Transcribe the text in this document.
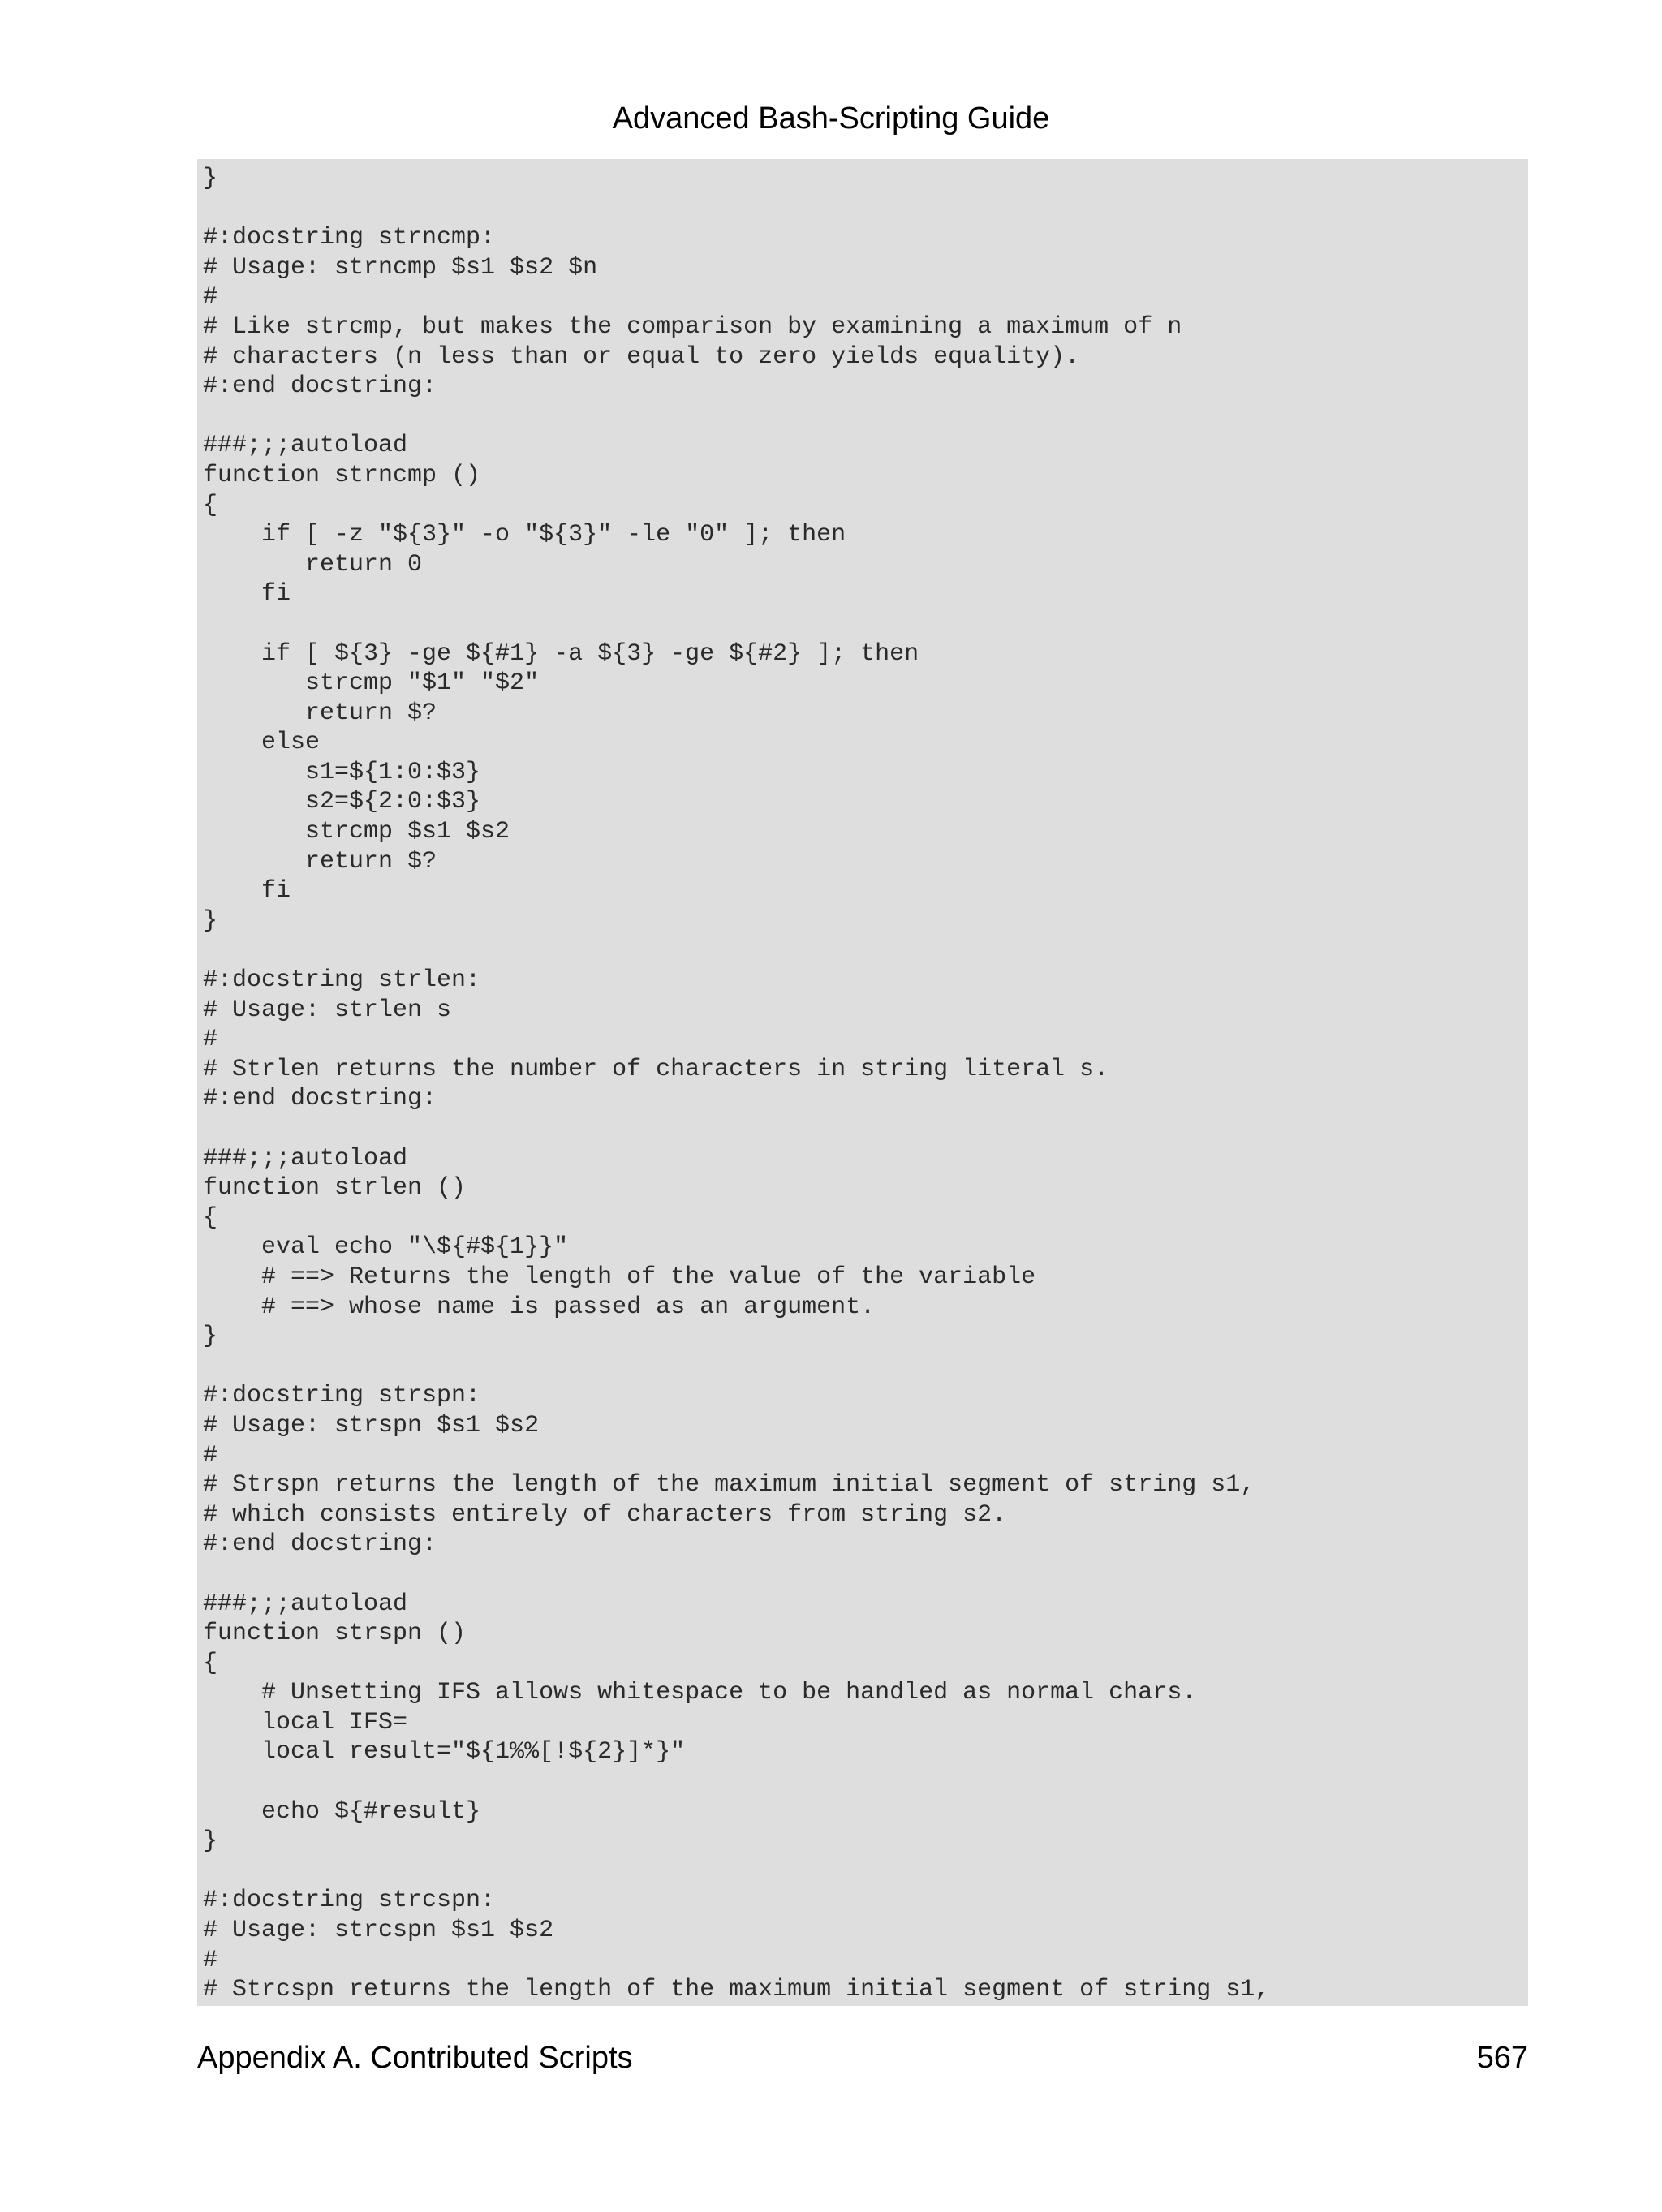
Advanced Bash-Scripting Guide
}
#:docstring strncmp:
# Usage: strncmp $s1 $s2 $n
#
# Like strcmp, but makes the comparison by examining a maximum of n
# characters (n less than or equal to zero yields equality).
#:end docstring:
###;;;autoload
function strncmp ()
{
if [ -z "${3}" -o "${3}" -le "0" ]; then
return 0
fi
if [ ${3} -ge ${#1} -a ${3} -ge ${#2} ]; then
strcmp "$1" "$2"
return $?
else
s1=${1:0:$3}
s2=${2:0:$3}
strcmp $s1 $s2
return $?
fi
}
#:docstring strlen:
# Usage: strlen s
#
# Strlen returns the number of characters in string literal s.
#:end docstring:
###;;;autoload
function strlen ()
{
eval echo "\${#${1}}"
# ==> Returns the length of the value of the variable
# ==> whose name is passed as an argument.
}
#:docstring strspn:
# Usage: strspn $s1 $s2
#
# Strspn returns the length of the maximum initial segment of string s1,
# which consists entirely of characters from string s2.
#:end docstring:
###;;;autoload
function strspn ()
{
# Unsetting IFS allows whitespace to be handled as normal chars.
local IFS=
local result="${1%%[!${2}]*}"
echo ${#result}
}
#:docstring strcspn:
# Usage: strcspn $s1 $s2
#
# Strcspn returns the length of the maximum initial segment of string s1,
Appendix A. Contributed Scripts	567
